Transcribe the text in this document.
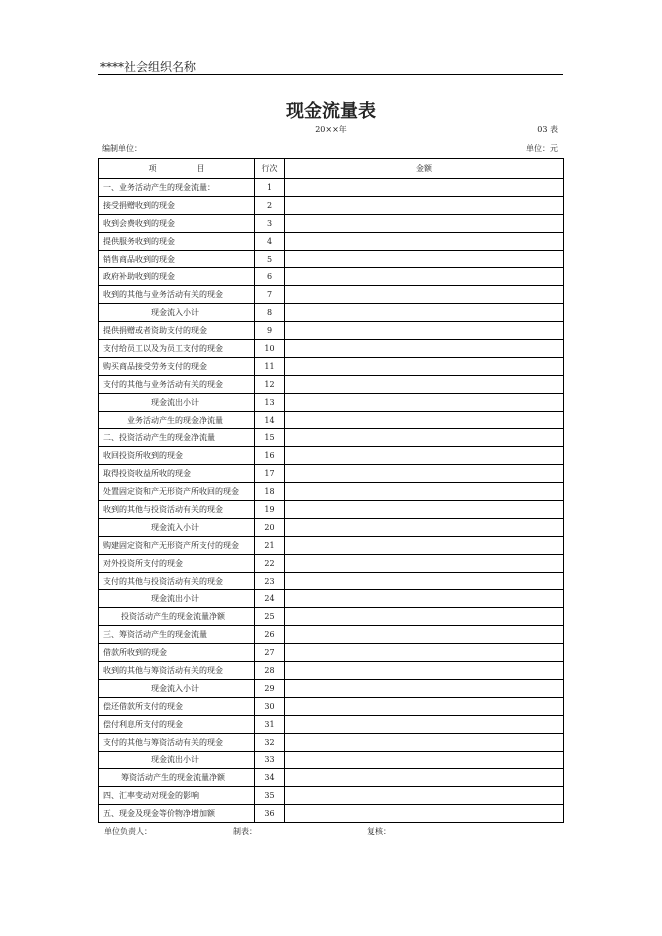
****社会组织名称
现金流量表
20××年	03 表
编制单位：	单位：元
项　　　　　目	行次	金额
一、业务活动产生的现金流量：	1	
接受捐赠收到的现金	2	
收到会费收到的现金	3	
提供服务收到的现金	4	
销售商品收到的现金	5	
政府补助收到的现金	6	
收到的其他与业务活动有关的现金	7	
现金流入小计	8	
提供捐赠或者资助支付的现金	9	
支付给员工以及为员工支付的现金	10	
购买商品接受劳务支付的现金	11	
支付的其他与业务活动有关的现金	12	
现金流出小计	13	
业务活动产生的现金净流量	14	
二、投资活动产生的现金净流量	15	
收回投资所收到的现金	16	
取得投资收益所收的现金	17	
处置固定资和产无形资产所收回的现金	18	
收到的其他与投资活动有关的现金	19	
现金流入小计	20	
购建固定资和产无形资产所支付的现金	21	
对外投资所支付的现金	22	
支付的其他与投资活动有关的现金	23	
现金流出小计	24	
投资活动产生的现金流量净额	25	
三、筹资活动产生的现金流量	26	
借款所收到的现金	27	
收到的其他与筹资活动有关的现金	28	
现金流入小计	29	
偿还借款所支付的现金	30	
偿付利息所支付的现金	31	
支付的其他与筹资活动有关的现金	32	
现金流出小计	33	
筹资活动产生的现金流量净额	34	
四、汇率变动对现金的影响	35	
五、现金及现金等价物净增加额	36	
单位负责人：	制表：	复核：
